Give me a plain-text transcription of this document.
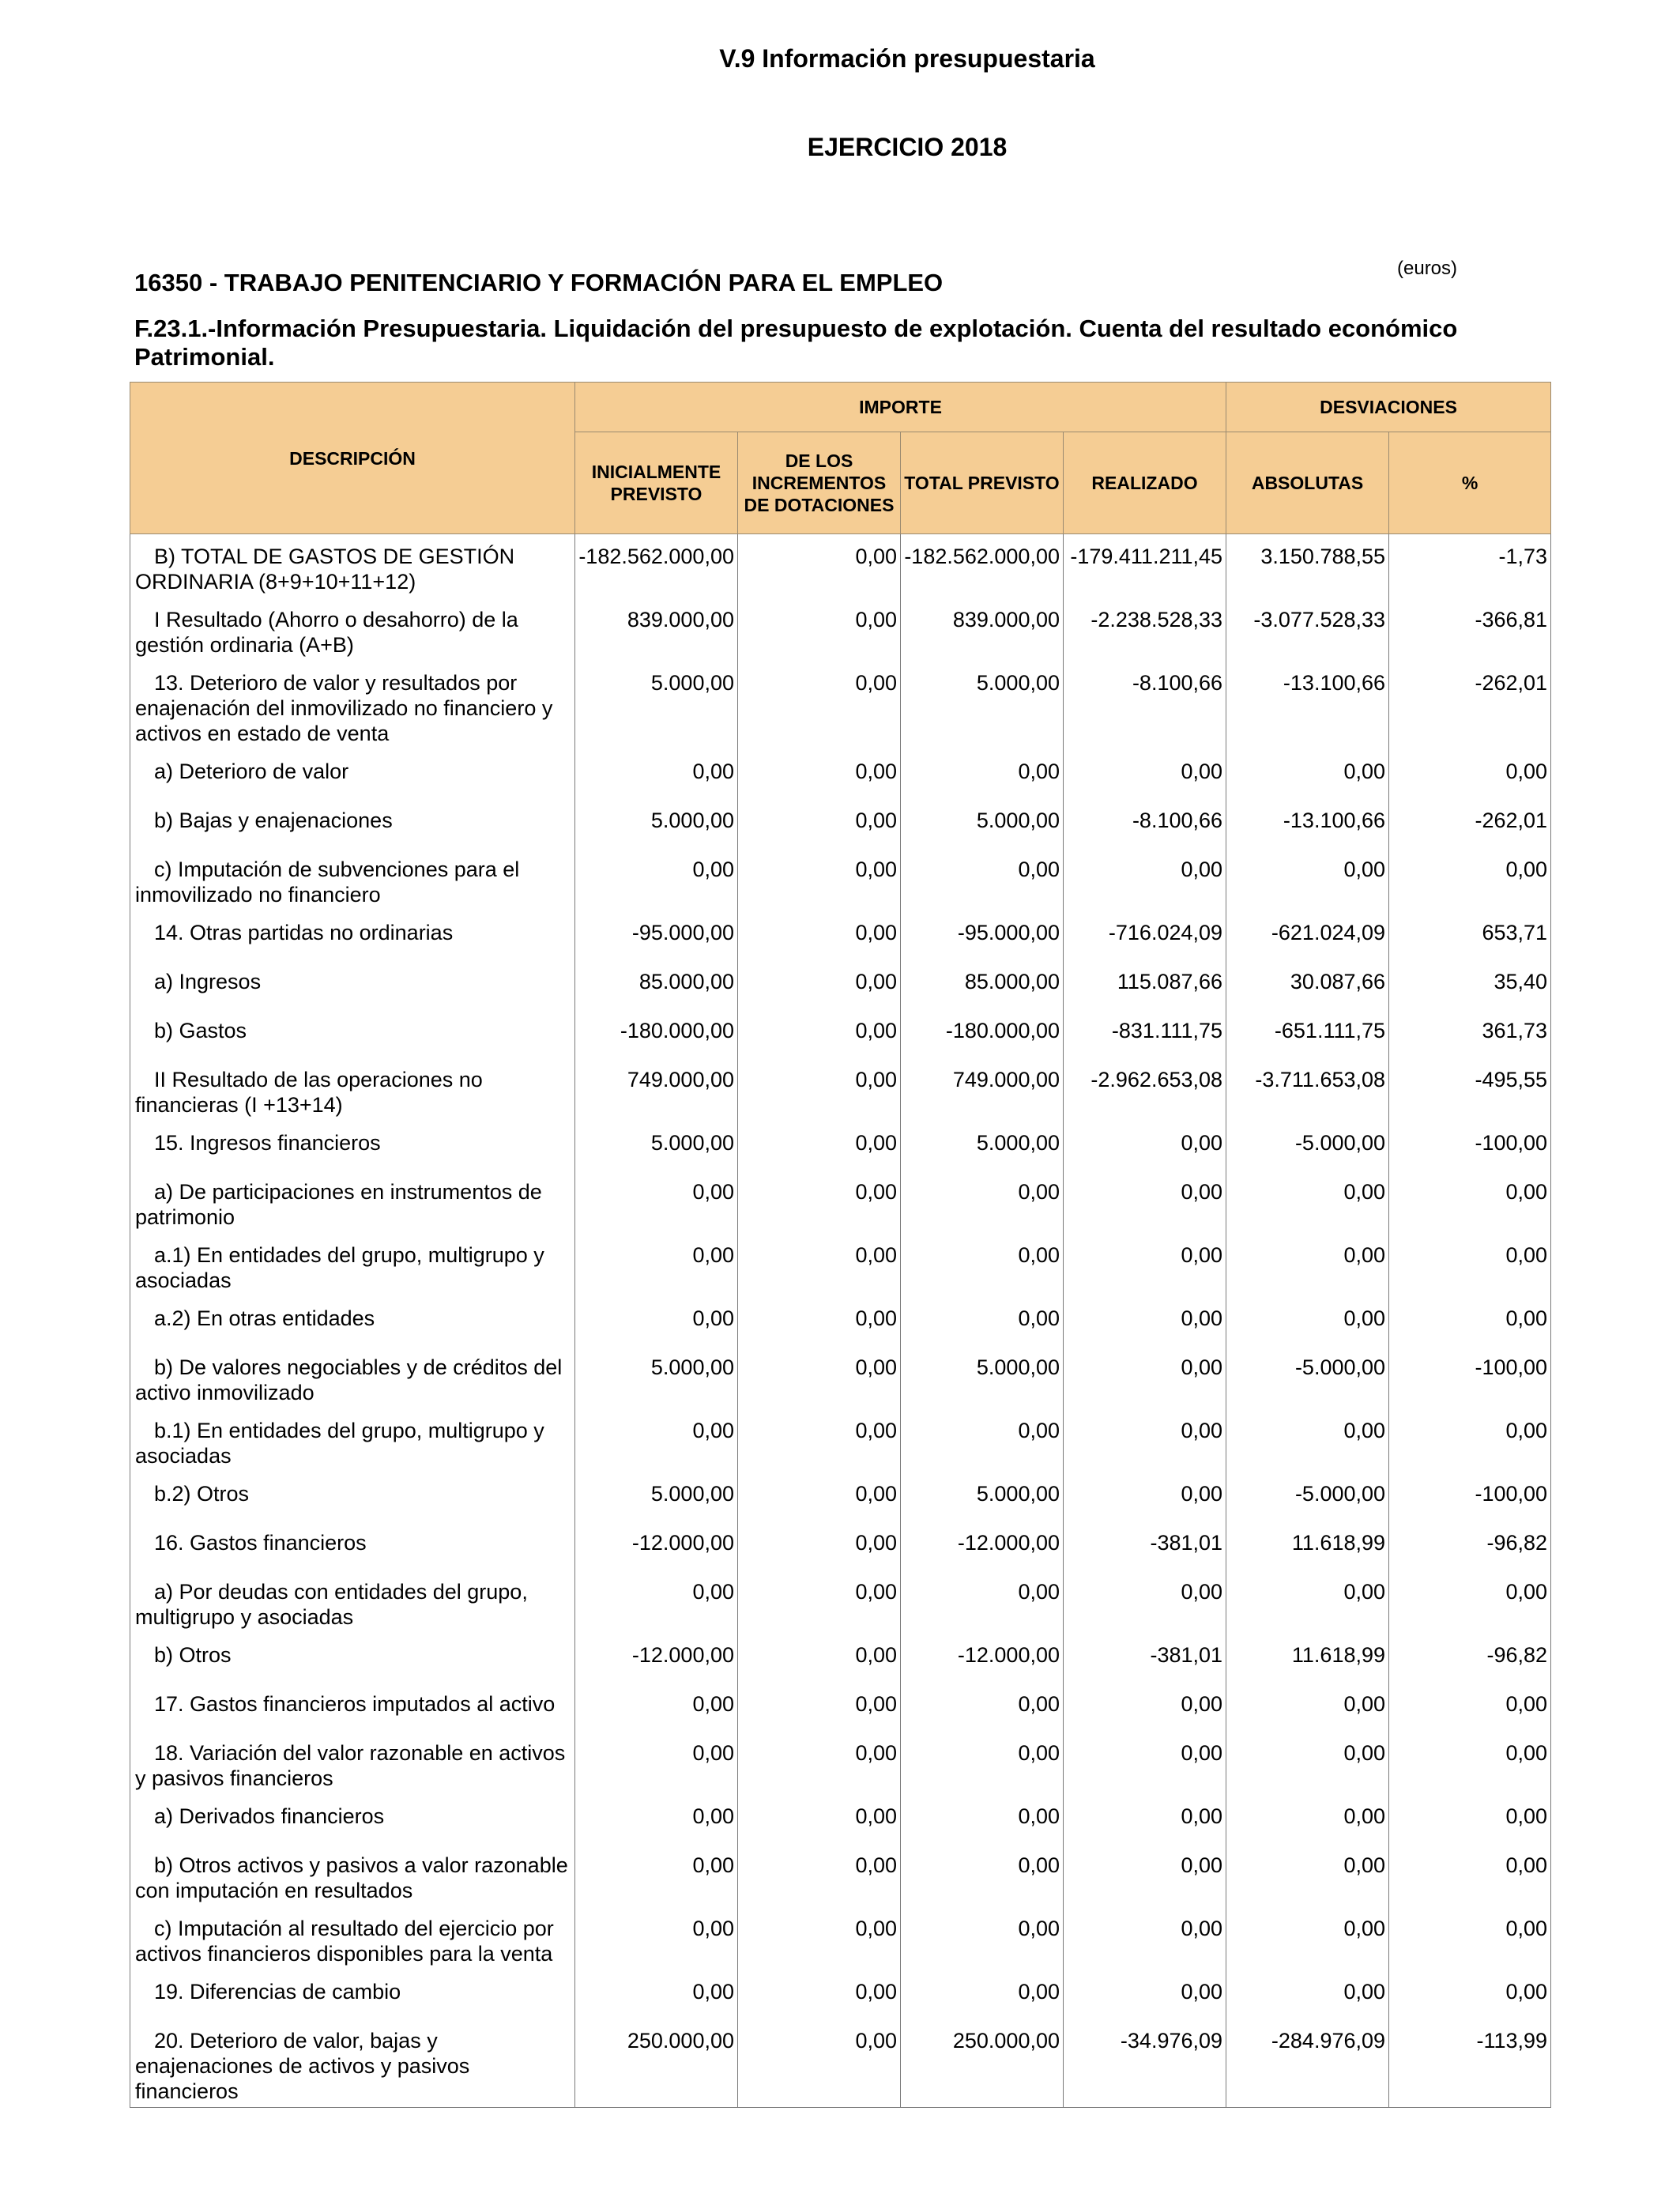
V.9 Información presupuestaria
EJERCICIO 2018
16350 - TRABAJO PENITENCIARIO Y FORMACIÓN PARA EL EMPLEO
(euros)
F.23.1.-Información Presupuestaria. Liquidación del presupuesto de explotación. Cuenta del resultado económico Patrimonial.
DESCRIPCIÓN	IMPORTE				DESVIACIONES	
	INICIALMENTE PREVISTO	DE LOS INCREMENTOS DE DOTACIONES	TOTAL PREVISTO	REALIZADO	ABSOLUTAS	%
B) TOTAL DE GASTOS DE GESTIÓN ORDINARIA (8+9+10+11+12)	-182.562.000,00	0,00	-182.562.000,00	-179.411.211,45	3.150.788,55	-1,73
I Resultado (Ahorro o desahorro) de la gestión ordinaria (A+B)	839.000,00	0,00	839.000,00	-2.238.528,33	-3.077.528,33	-366,81
13. Deterioro de valor y resultados por enajenación del inmovilizado no financiero y activos en estado de venta	5.000,00	0,00	5.000,00	-8.100,66	-13.100,66	-262,01
a) Deterioro de valor	0,00	0,00	0,00	0,00	0,00	0,00
b) Bajas y enajenaciones	5.000,00	0,00	5.000,00	-8.100,66	-13.100,66	-262,01
c) Imputación de subvenciones para el inmovilizado no financiero	0,00	0,00	0,00	0,00	0,00	0,00
14. Otras partidas no ordinarias	-95.000,00	0,00	-95.000,00	-716.024,09	-621.024,09	653,71
a) Ingresos	85.000,00	0,00	85.000,00	115.087,66	30.087,66	35,40
b) Gastos	-180.000,00	0,00	-180.000,00	-831.111,75	-651.111,75	361,73
II Resultado de las operaciones no financieras (I +13+14)	749.000,00	0,00	749.000,00	-2.962.653,08	-3.711.653,08	-495,55
15. Ingresos financieros	5.000,00	0,00	5.000,00	0,00	-5.000,00	-100,00
a) De participaciones en instrumentos de patrimonio	0,00	0,00	0,00	0,00	0,00	0,00
a.1) En entidades del grupo, multigrupo y asociadas	0,00	0,00	0,00	0,00	0,00	0,00
a.2) En otras entidades	0,00	0,00	0,00	0,00	0,00	0,00
b) De valores negociables y de créditos del activo inmovilizado	5.000,00	0,00	5.000,00	0,00	-5.000,00	-100,00
b.1) En entidades del grupo, multigrupo y asociadas	0,00	0,00	0,00	0,00	0,00	0,00
b.2) Otros	5.000,00	0,00	5.000,00	0,00	-5.000,00	-100,00
16. Gastos financieros	-12.000,00	0,00	-12.000,00	-381,01	11.618,99	-96,82
a) Por deudas con entidades del grupo, multigrupo y asociadas	0,00	0,00	0,00	0,00	0,00	0,00
b) Otros	-12.000,00	0,00	-12.000,00	-381,01	11.618,99	-96,82
17. Gastos financieros imputados al activo	0,00	0,00	0,00	0,00	0,00	0,00
18. Variación del valor razonable en activos y pasivos financieros	0,00	0,00	0,00	0,00	0,00	0,00
a) Derivados financieros	0,00	0,00	0,00	0,00	0,00	0,00
b) Otros activos y pasivos a valor razonable con imputación en resultados	0,00	0,00	0,00	0,00	0,00	0,00
c) Imputación al resultado del ejercicio por activos financieros disponibles para la venta	0,00	0,00	0,00	0,00	0,00	0,00
19. Diferencias de cambio	0,00	0,00	0,00	0,00	0,00	0,00
20. Deterioro de valor, bajas y enajenaciones de activos y pasivos financieros	250.000,00	0,00	250.000,00	-34.976,09	-284.976,09	-113,99
